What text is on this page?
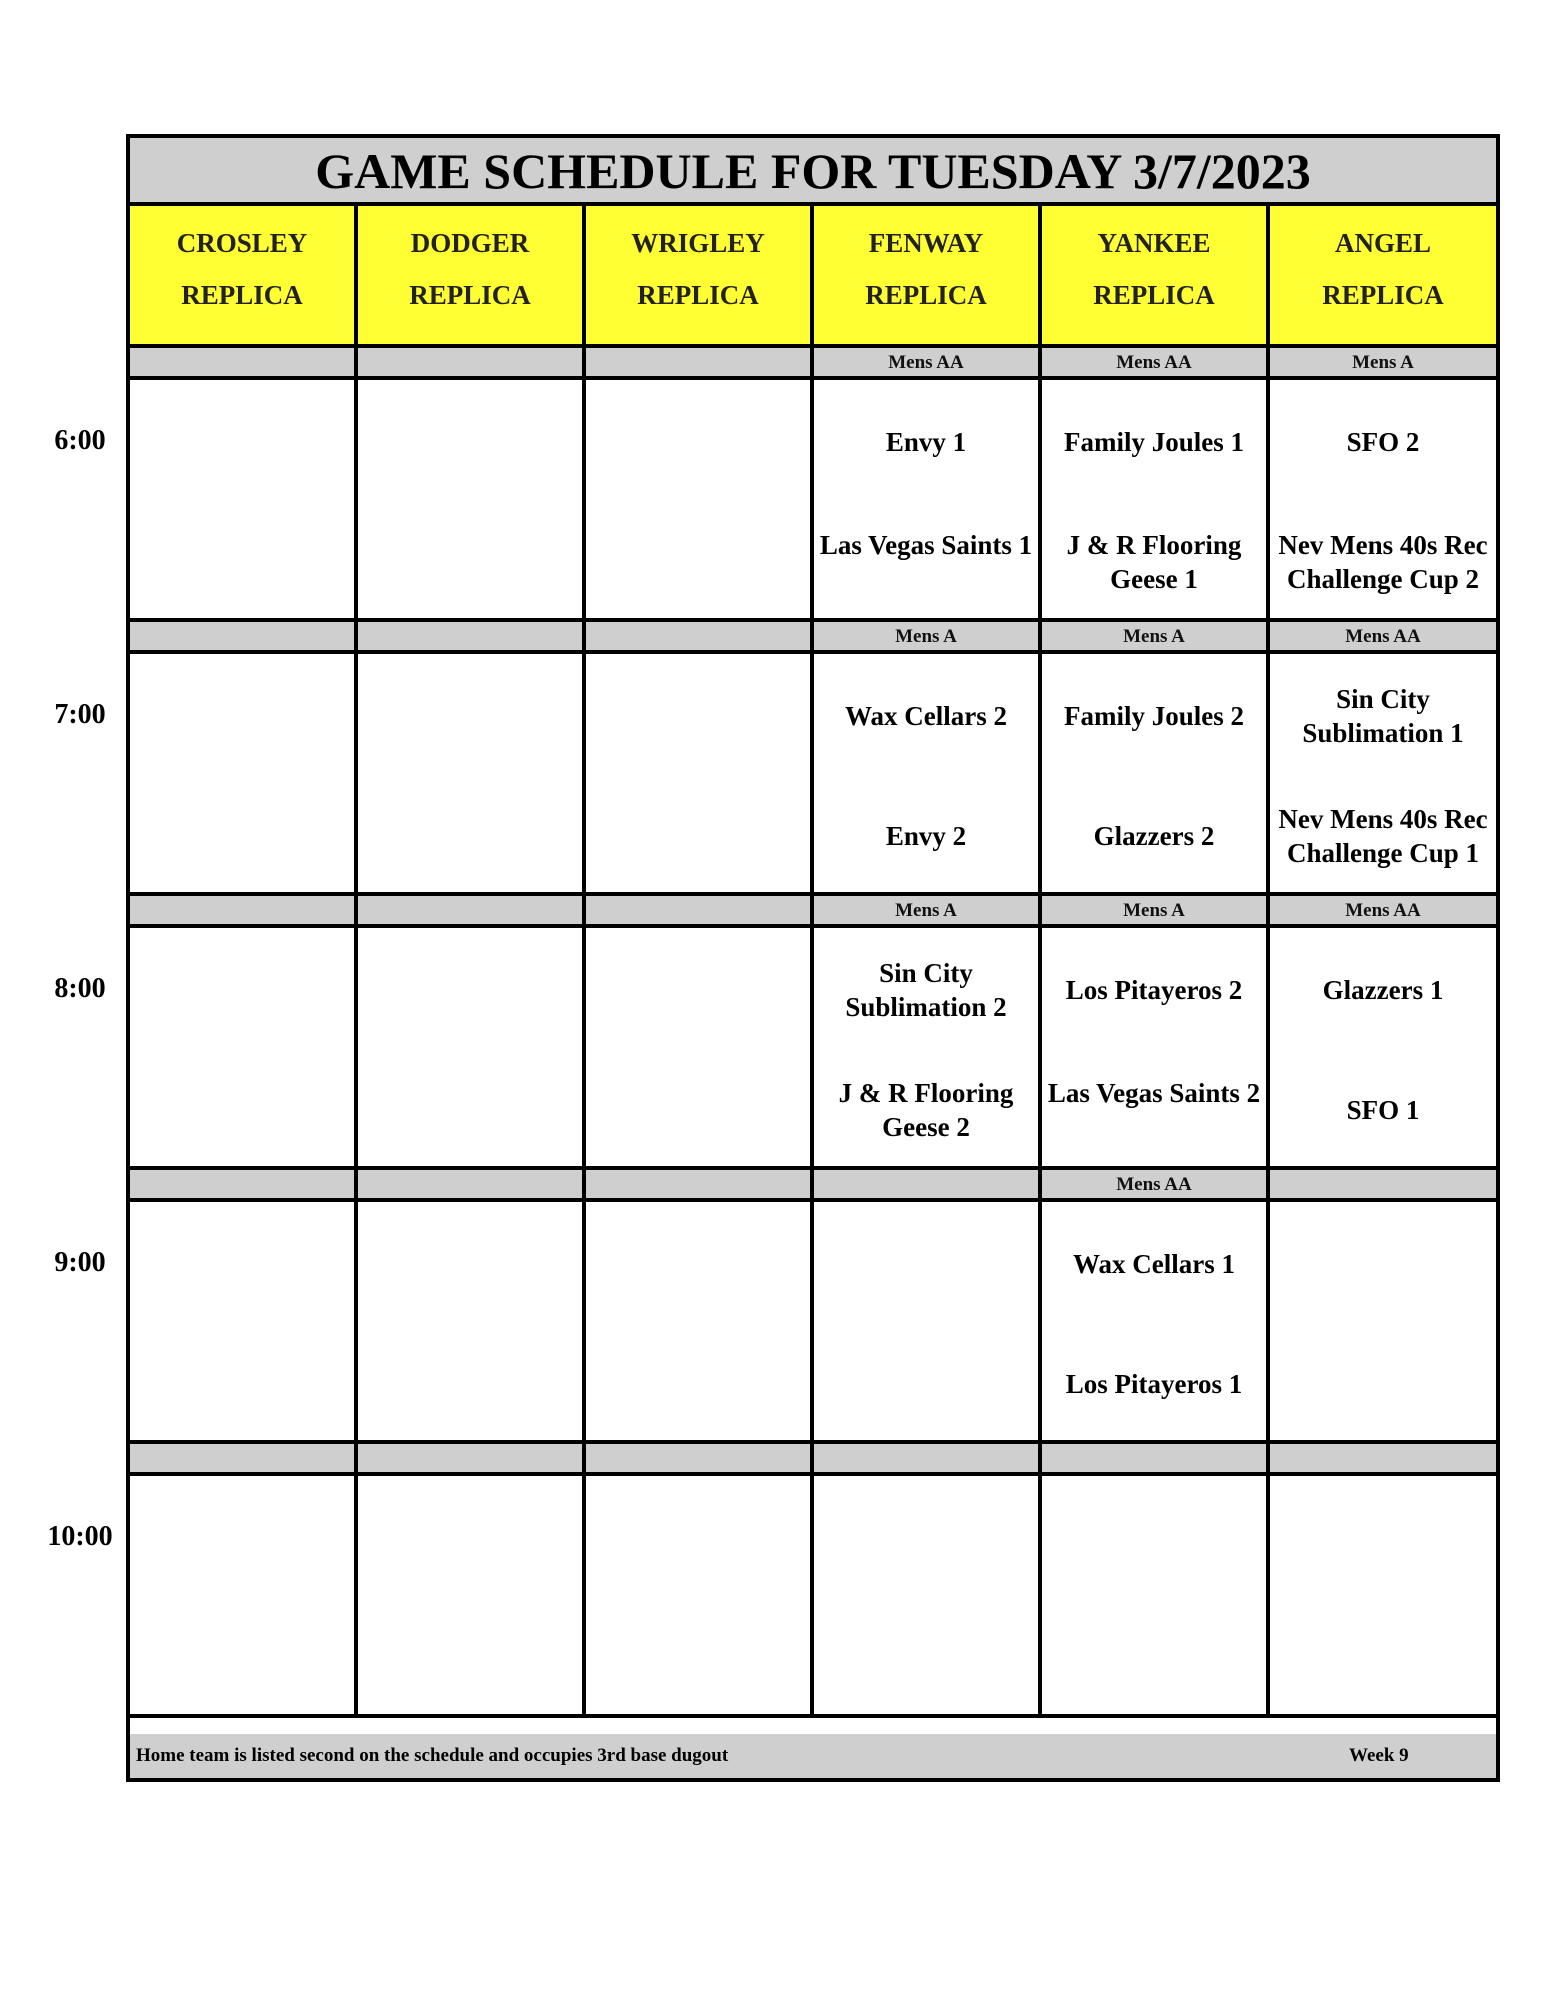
GAME SCHEDULE FOR TUESDAY 3/7/2023
CROSLEY
REPLICA
DODGER
REPLICA
WRIGLEY
REPLICA
FENWAY
REPLICA
YANKEE
REPLICA
ANGEL
REPLICA
Mens AA
Envy 1
Las Vegas Saints 1
Mens AA
Family Joules 1
J & R Flooring Geese 1
Mens A
SFO 2
Nev Mens 40s Rec Challenge Cup 2
Mens A
Wax Cellars 2
Envy 2
Mens A
Family Joules 2
Glazzers 2
Mens AA
Sin City Sublimation 1
Nev Mens 40s Rec Challenge Cup 1
Mens A
Sin City Sublimation 2
J & R Flooring Geese 2
Mens A
Los Pitayeros 2
Las Vegas Saints 2
Mens AA
Glazzers 1
SFO 1
Mens AA
Wax Cellars 1
Los Pitayeros 1
Home team is listed second on the schedule and occupies 3rd base dugout	Week 9
6:00
7:00
8:00
9:00
10:00
